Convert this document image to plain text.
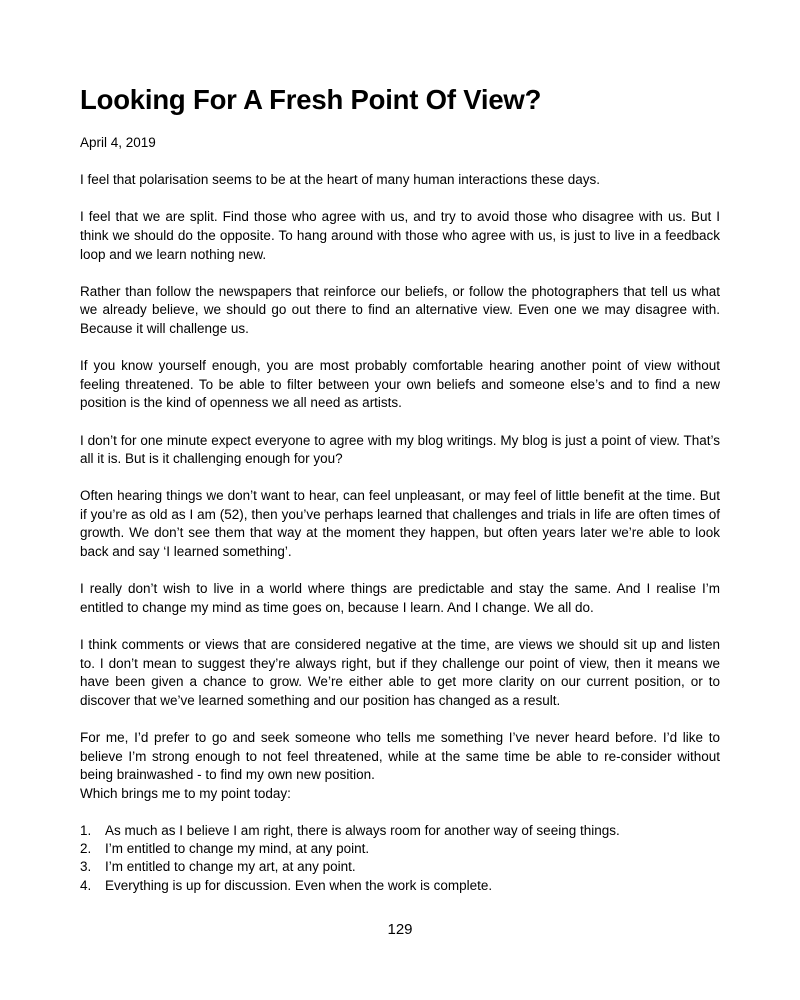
Looking For A Fresh Point Of View?
April 4, 2019

I feel that polarisation seems to be at the heart of many human interactions these days.

I feel that we are split. Find those who agree with us, and try to avoid those who disagree with us. But I think we should do the opposite. To hang around with those who agree with us, is just to live in a feedback loop and we learn nothing new.

Rather than follow the newspapers that reinforce our beliefs, or follow the photographers that tell us what we already believe, we should go out there to find an alternative view. Even one we may disagree with. Because it will challenge us.

If you know yourself enough, you are most probably comfortable hearing another point of view without feeling threatened. To be able to filter between your own beliefs and someone else’s and to find a new position is the kind of openness we all need as artists.

I don’t for one minute expect everyone to agree with my blog writings. My blog is just a point of view. That’s all it is. But is it challenging enough for you?

Often hearing things we don’t want to hear, can feel unpleasant, or may feel of little benefit at the time. But if you’re as old as I am (52), then you’ve perhaps learned that challenges and trials in life are often times of growth. We don’t see them that way at the moment they happen, but often years later we’re able to look back and say ‘I learned something’.

I really don’t wish to live in a world where things are predictable and stay the same. And I realise I’m entitled to change my mind as time goes on, because I learn. And I change. We all do.

I think comments or views that are considered negative at the time, are views we should sit up and listen to. I don’t mean to suggest they’re always right, but if they challenge our point of view, then it means we have been given a chance to grow. We’re either able to get more clarity on our current position, or to discover that we’ve learned something and our position has changed as a result.

For me, I’d prefer to go and seek someone who tells me something I’ve never heard before. I’d like to believe I’m strong enough to not feel threatened, while at the same time be able to re-consider without being brainwashed - to find my own new position.

Which brings me to my point today:
1.	As much as I believe I am right, there is always room for another way of seeing things.
2.	I’m entitled to change my mind, at any point.
3.	I’m entitled to change my art, at any point.
4.	Everything is up for discussion. Even when the work is complete.
129
